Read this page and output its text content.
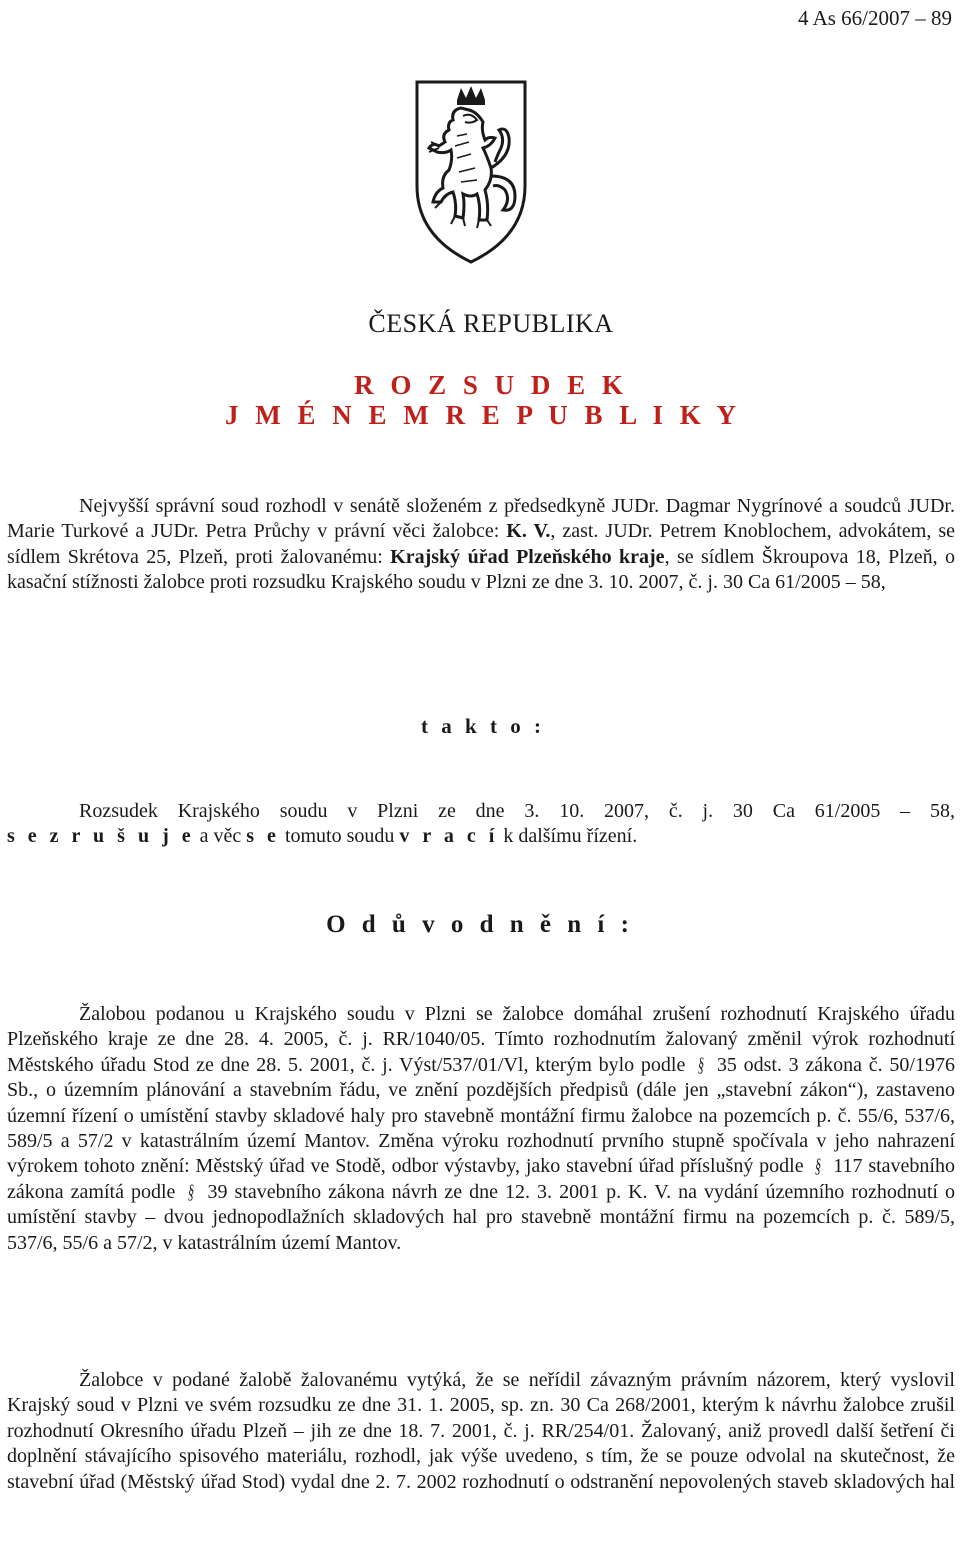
4 As 66/2007 – 89
ČESKÁ REPUBLIKA
R O Z S U D E K
J M É N E M R E P U B L I K Y
Nejvyšší správní soud rozhodl v senátě složeném z předsedkyně JUDr. Dagmar Nygrínové a soudců JUDr. Marie Turkové a JUDr. Petra Průchy v právní věci žalobce: K. V., zast. JUDr. Petrem Knoblochem, advokátem, se sídlem Skrétova 25, Plzeň, proti žalovanému: Krajský úřad Plzeňského kraje, se sídlem Škroupova 18, Plzeň, o kasační stížnosti žalobce proti rozsudku Krajského soudu v Plzni ze dne 3. 10. 2007, č. j. 30 Ca 61/2005 – 58,
t a k t o :
Rozsudek Krajského soudu v Plzni ze dne 3. 10. 2007, č. j. 30 Ca 61/2005 – 58,
s e z r u š u j e a věc s e tomuto soudu v r a c í k dalšímu řízení.
O d ů v o d n ě n í :
Žalobou podanou u Krajského soudu v Plzni se žalobce domáhal zrušení rozhodnutí Krajského úřadu Plzeňského kraje ze dne 28. 4. 2005, č. j. RR/1040/05. Tímto rozhodnutím žalovaný změnil výrok rozhodnutí Městského úřadu Stod ze dne 28. 5. 2001, č. j. Výst/537/01/Vl, kterým bylo podle § 35 odst. 3 zákona č. 50/1976 Sb., o územním plánování a stavebním řádu, ve znění pozdějších předpisů (dále jen „stavební zákon“), zastaveno územní řízení o umístění stavby skladové haly pro stavebně montážní firmu žalobce na pozemcích p. č. 55/6, 537/6, 589/5 a 57/2 v katastrálním území Mantov. Změna výroku rozhodnutí prvního stupně spočívala v jeho nahrazení výrokem tohoto znění: Městský úřad ve Stodě, odbor výstavby, jako stavební úřad příslušný podle § 117 stavebního zákona zamítá podle § 39 stavebního zákona návrh ze dne 12. 3. 2001 p. K. V. na vydání územního rozhodnutí o umístění stavby – dvou jednopodlažních skladových hal pro stavebně montážní firmu na pozemcích p. č. 589/5, 537/6, 55/6 a 57/2, v katastrálním území Mantov.
Žalobce v podané žalobě žalovanému vytýká, že se neřídil závazným právním názorem, který vyslovil Krajský soud v Plzni ve svém rozsudku ze dne 31. 1. 2005, sp. zn. 30 Ca 268/2001, kterým k návrhu žalobce zrušil rozhodnutí Okresního úřadu Plzeň – jih ze dne 18. 7. 2001, č. j. RR/254/01. Žalovaný, aniž provedl další šetření či doplnění stávajícího spisového materiálu, rozhodl, jak výše uvedeno, s tím, že se pouze odvolal na skutečnost, že stavební úřad (Městský úřad Stod) vydal dne 2. 7. 2002 rozhodnutí o odstranění nepovolených staveb skladových hal
